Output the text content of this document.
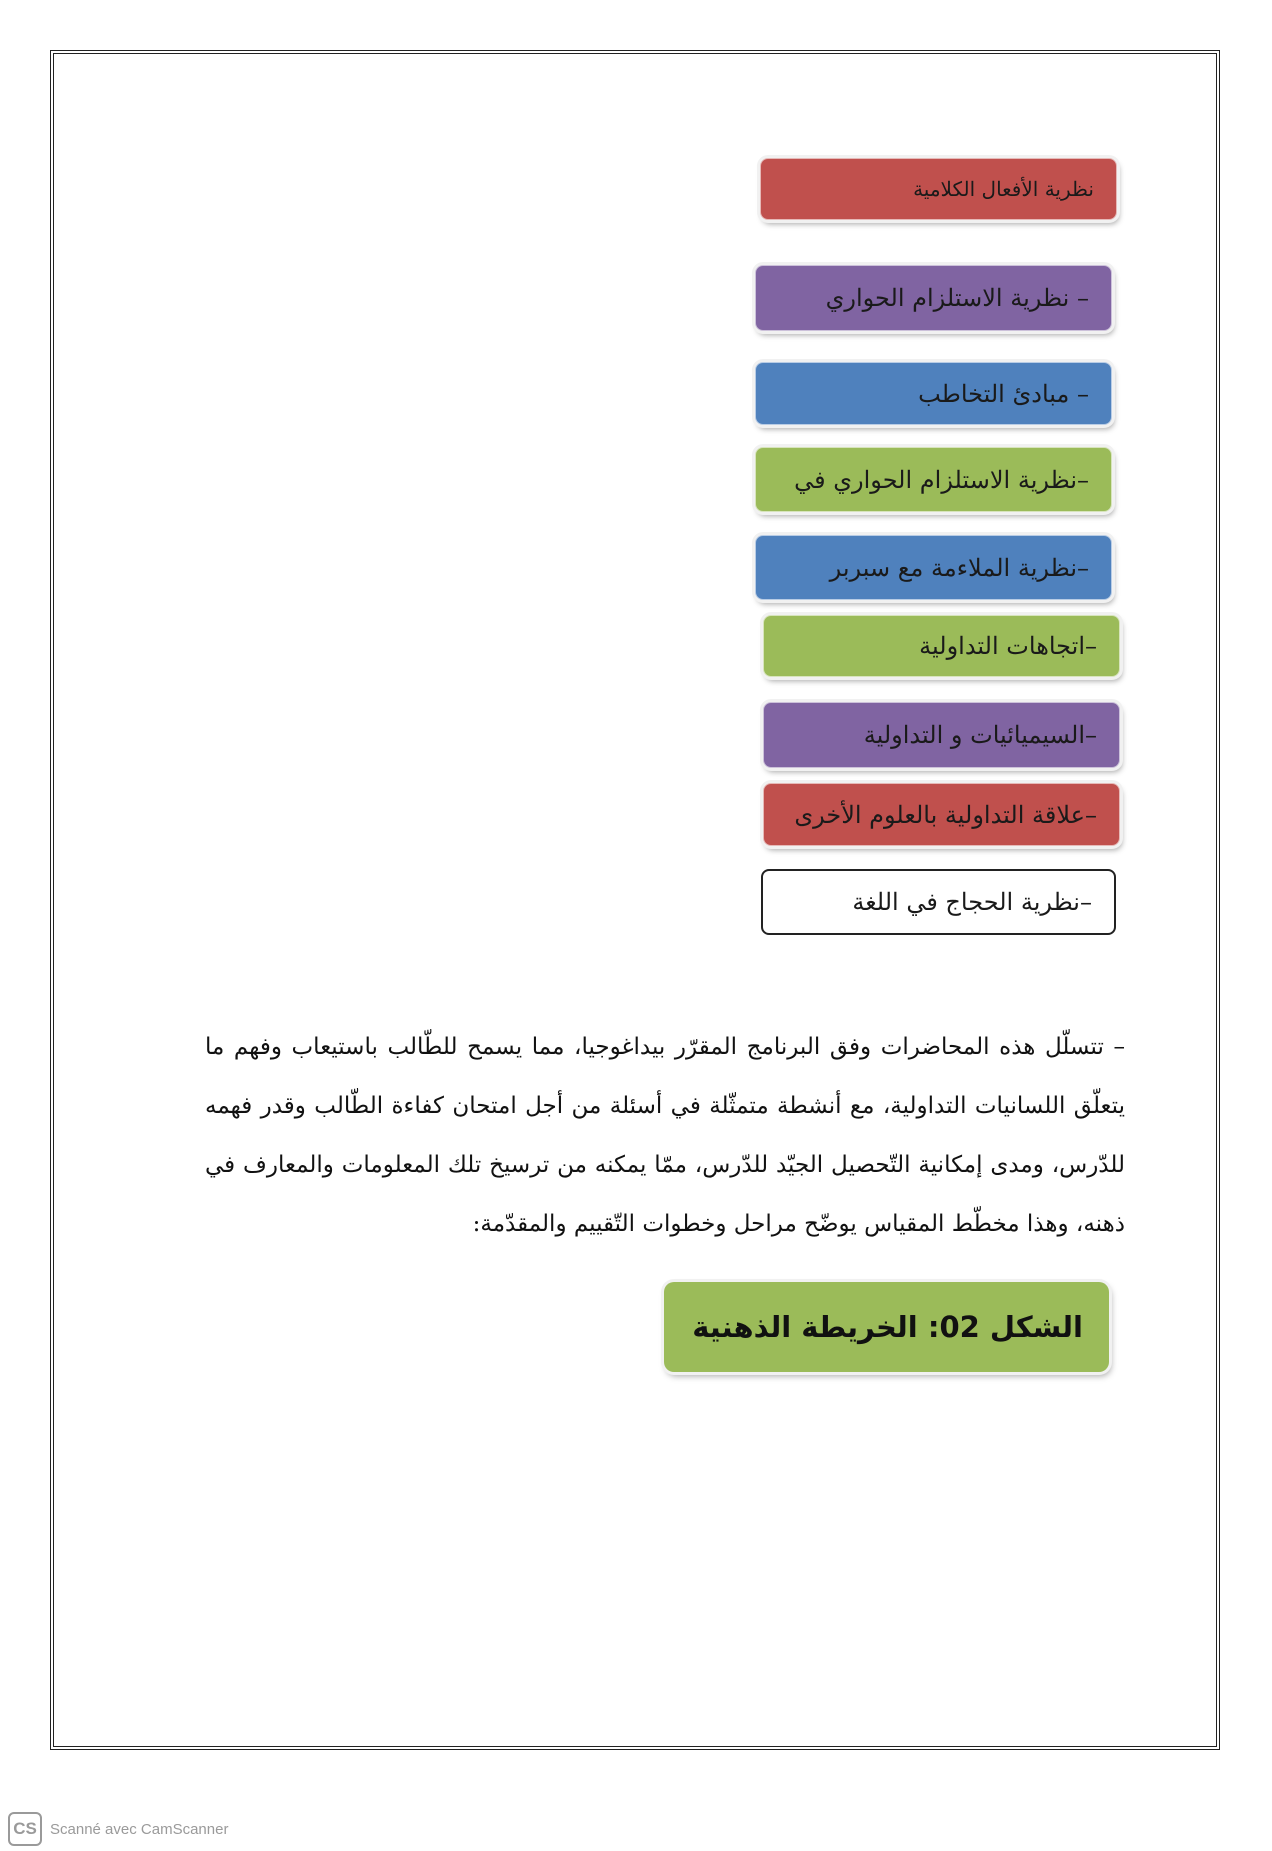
نظرية الأفعال الكلامية
– نظرية الاستلزام الحواري
– مبادئ التخاطب
–نظرية الاستلزام الحواري في
–نظرية الملاءمة مع سبربر
–اتجاهات التداولية
–السيميائيات و التداولية
–علاقة التداولية بالعلوم الأخرى
–نظرية الحجاج في اللغة

– تتسلّل هذه المحاضرات وفق البرنامج المقرّر بيداغوجيا، مما يسمح للطّالب باستيعاب وفهم ما يتعلّق اللسانيات التداولية، مع أنشطة متمثّلة في أسئلة من أجل امتحان كفاءة الطّالب وقدر فهمه للدّرس، ومدى إمكانية التّحصيل الجيّد للدّرس، ممّا يمكنه من ترسيخ تلك المعلومات والمعارف في ذهنه، وهذا مخطّط المقياس يوضّح مراحل وخطوات التّقييم والمقدّمة:

الشكل 02: الخريطة الذهنية
CS Scanné avec CamScanner
